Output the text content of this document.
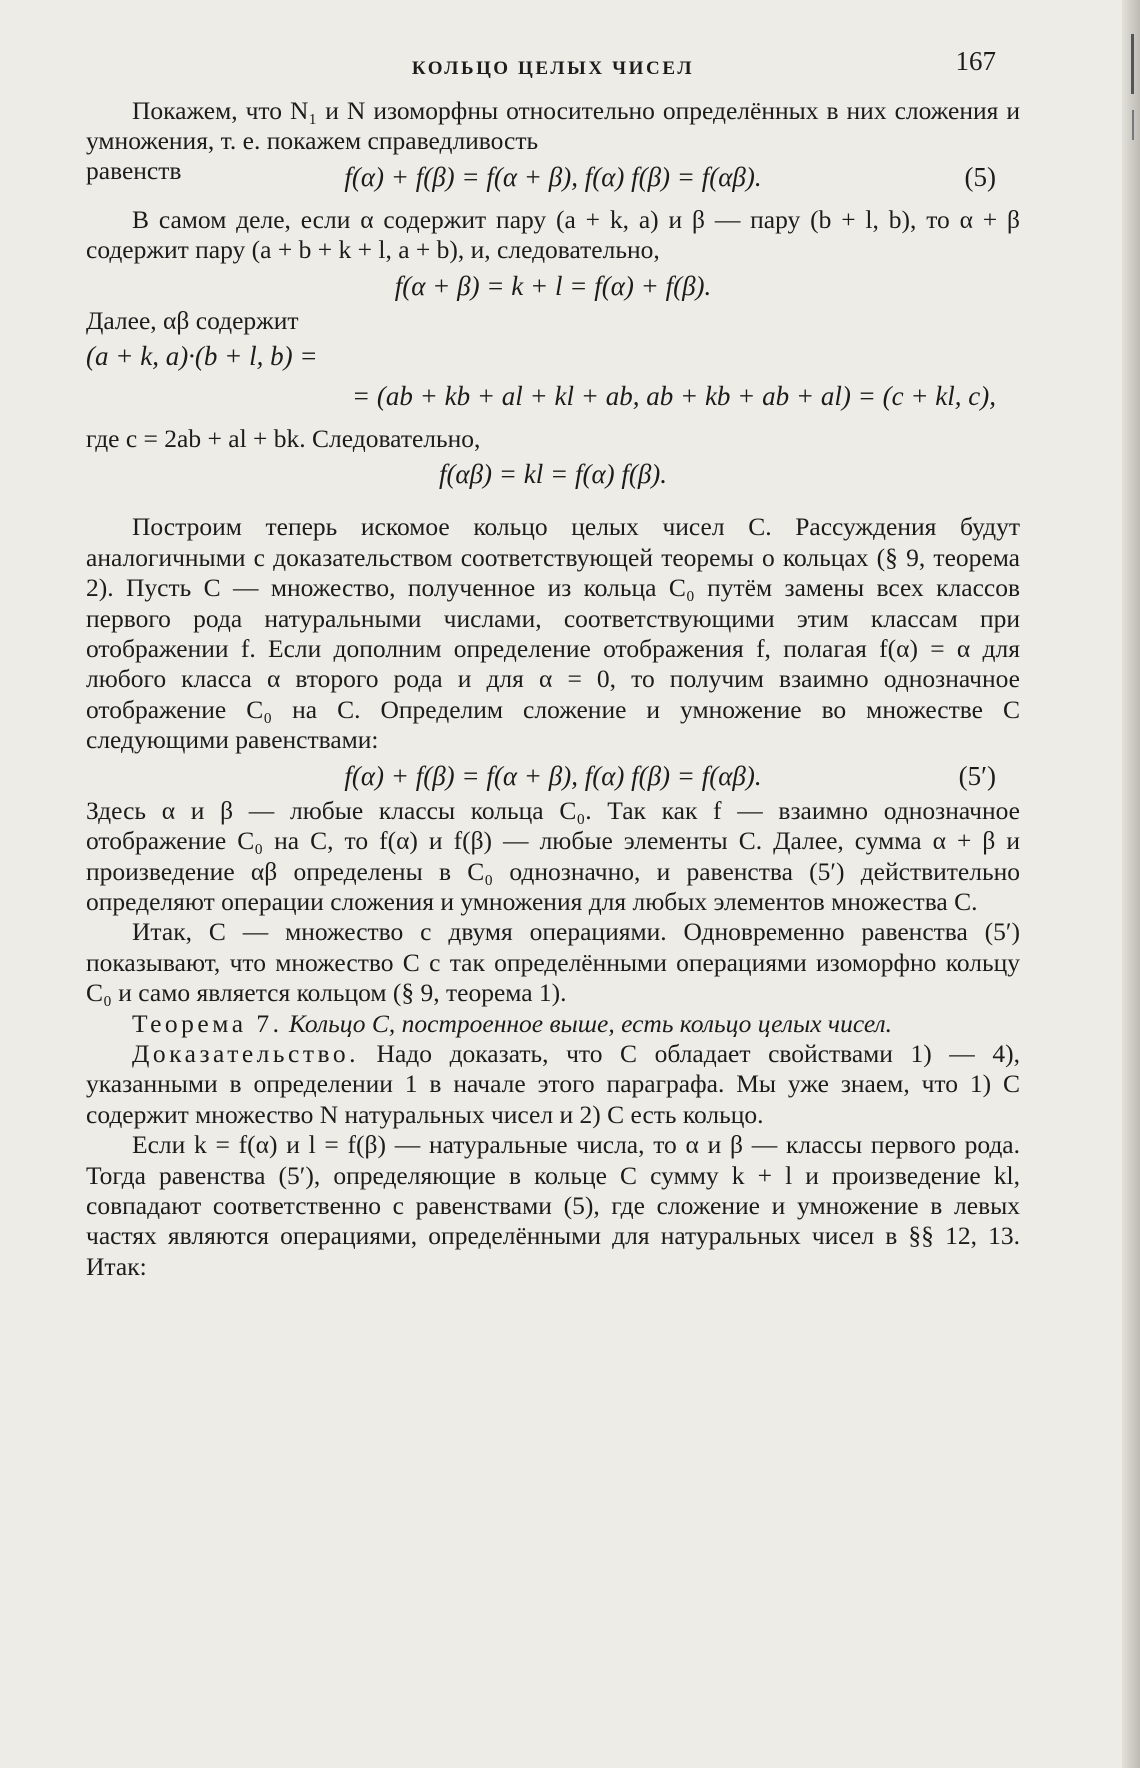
КОЛЬЦО ЦЕЛЫХ ЧИСЕЛ	167

Покажем, что N₁ и N изоморфны относительно определённых в них сложения и умножения, т. е. покажем справедливость

равенств	f(α) + f(β) = f(α + β), f(α) f(β) = f(αβ).	(5)

В самом деле, если α содержит пару (a + k, a) и β — пару (b + l, b), то α + β содержит пару (a + b + k + l, a + b), и, следовательно,

f(α + β) = k + l = f(α) + f(β).

Далее, αβ содержит

(a + k, a)·(b + l, b) =
= (ab + kb + al + kl + ab, ab + kb + ab + al) = (c + kl, c),

где c = 2ab + al + bk. Следовательно,

f(αβ) = kl = f(α) f(β).

Построим теперь искомое кольцо целых чисел C. Рассуждения будут аналогичными с доказательством соответствующей теоремы о кольцах (§ 9, теорема 2). Пусть C — множество, полученное из кольца C₀ путём замены всех классов первого рода натуральными числами, соответствующими этим классам при отображении f. Если дополним определение отображения f, полагая f(α) = α для любого класса α второго рода и для α = 0, то получим взаимно однозначное отображение C₀ на C. Определим сложение и умножение во множестве C следующими равенствами:

f(α) + f(β) = f(α + β), f(α) f(β) = f(αβ).	(5′)

Здесь α и β — любые классы кольца C₀. Так как f — взаимно однозначное отображение C₀ на C, то f(α) и f(β) — любые элементы C. Далее, сумма α + β и произведение αβ определены в C₀ однозначно, и равенства (5′) действительно определяют операции сложения и умножения для любых элементов множества C.

Итак, C — множество с двумя операциями. Одновременно равенства (5′) показывают, что множество C с так определёнными операциями изоморфно кольцу C₀ и само является кольцом (§ 9, теорема 1).

Теорема 7. Кольцо C, построенное выше, есть кольцо целых чисел.

Доказательство. Надо доказать, что C обладает свойствами 1) — 4), указанными в определении 1 в начале этого параграфа. Мы уже знаем, что 1) C содержит множество N натуральных чисел и 2) C есть кольцо.

Если k = f(α) и l = f(β) — натуральные числа, то α и β — классы первого рода. Тогда равенства (5′), определяющие в кольце C сумму k + l и произведение kl, совпадают соответственно с равенствами (5), где сложение и умножение в левых частях являются операциями, определёнными для натуральных чисел в §§ 12, 13. Итак:
